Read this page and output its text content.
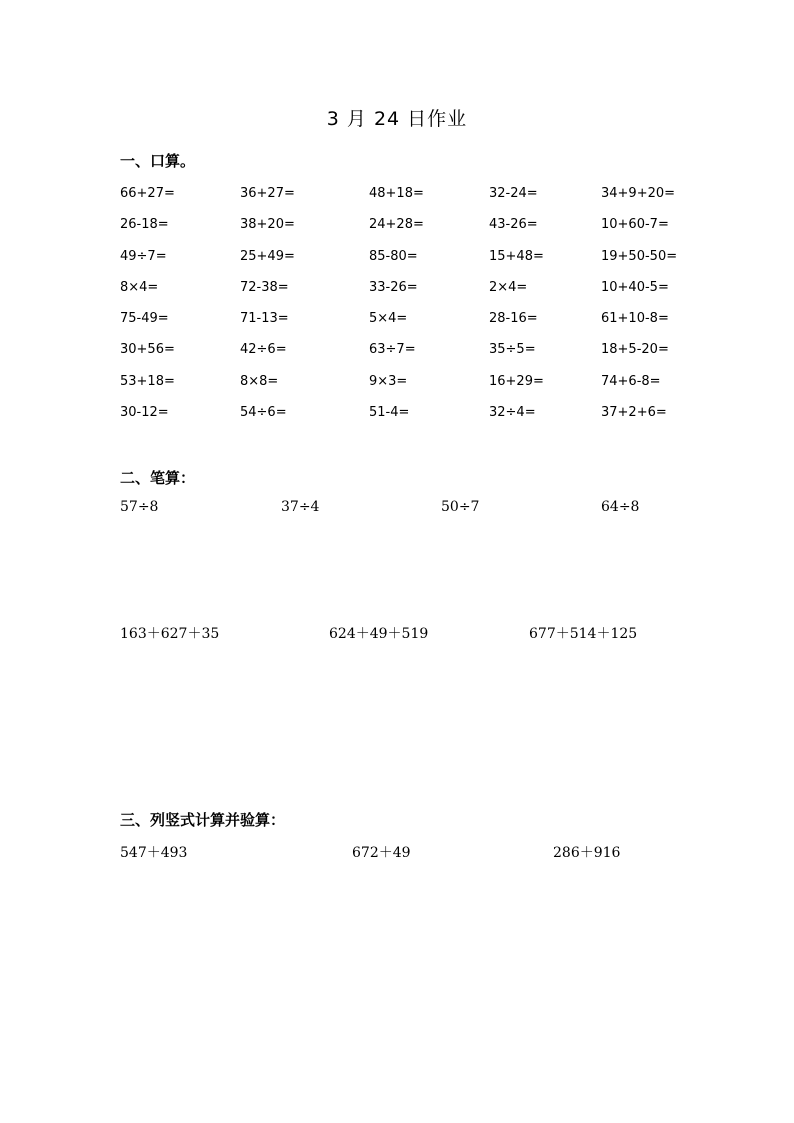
3 月 24 日作业
一、口算。
66+27=	36+27=	48+18=	32-24=	34+9+20=
26-18=	38+20=	24+28=	43-26=	10+60-7=
49÷7=	25+49=	85-80=	15+48=	19+50-50=
8×4=	72-38=	33-26=	2×4=	10+40-5=
75-49=	71-13=	5×4=	28-16=	61+10-8=
30+56=	42÷6=	63÷7=	35÷5=	18+5-20=
53+18=	8×8=	9×3=	16+29=	74+6-8=
30-12=	54÷6=	51-4=	32÷4=	37+2+6=
二、笔算：
57÷8	37÷4	50÷7	64÷8
163＋627＋35	624＋49＋519	677＋514＋125
三、列竖式计算并验算：
547＋493	672＋49	286＋916
